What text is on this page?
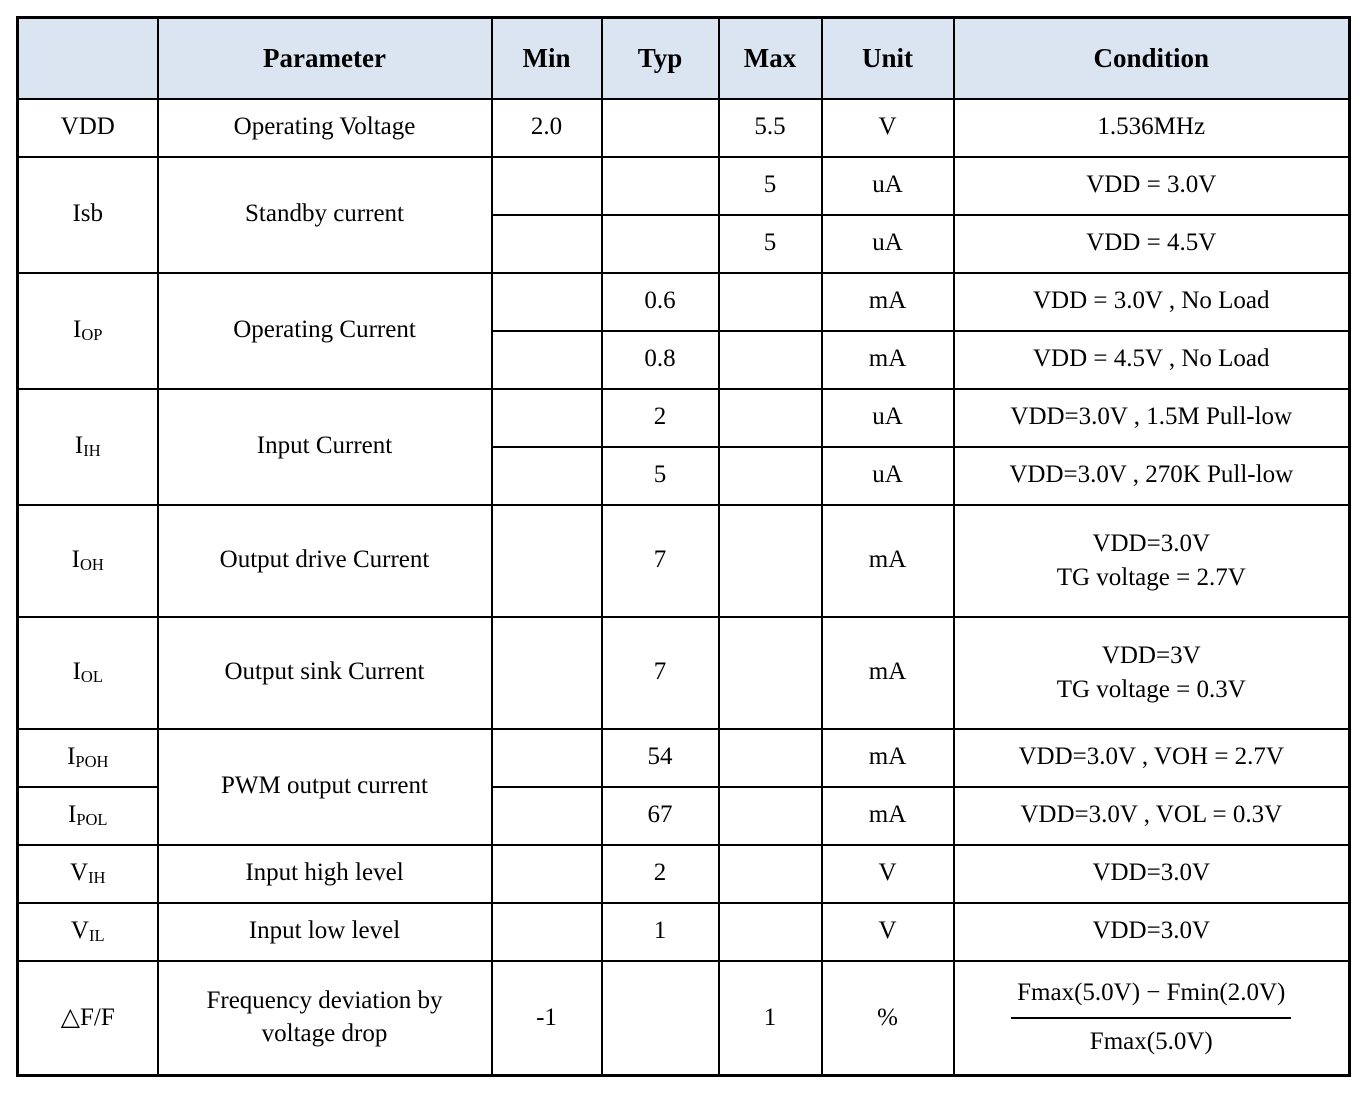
	Parameter	Min	Typ	Max	Unit	Condition
VDD	Operating Voltage	2.0		5.5	V	1.536MHz
Isb	Standby current			5	uA	VDD = 3.0V
				5	uA	VDD = 4.5V
IOP	Operating Current		0.6		mA	VDD = 3.0V , No Load
			0.8		mA	VDD = 4.5V , No Load
IIH	Input Current		2		uA	VDD=3.0V , 1.5M Pull-low
			5		uA	VDD=3.0V , 270K Pull-low
IOH	Output drive Current		7		mA	VDD=3.0V
TG voltage = 2.7V

IOL	Output sink Current		7		mA	VDD=3V
TG voltage = 0.3V

IPOH	PWM output current		54		mA	VDD=3.0V , VOH = 2.7V
IPOL			67		mA	VDD=3.0V , VOL = 0.3V
VIH	Input high level		2		V	VDD=3.0V
VIL	Input low level		1		V	VDD=3.0V
△F/F	Frequency deviation by voltage drop	-1		1	%	$\frac{Fmax(5.0V) - Fmin(2.0V)}{Fmax(5.0V)}$
